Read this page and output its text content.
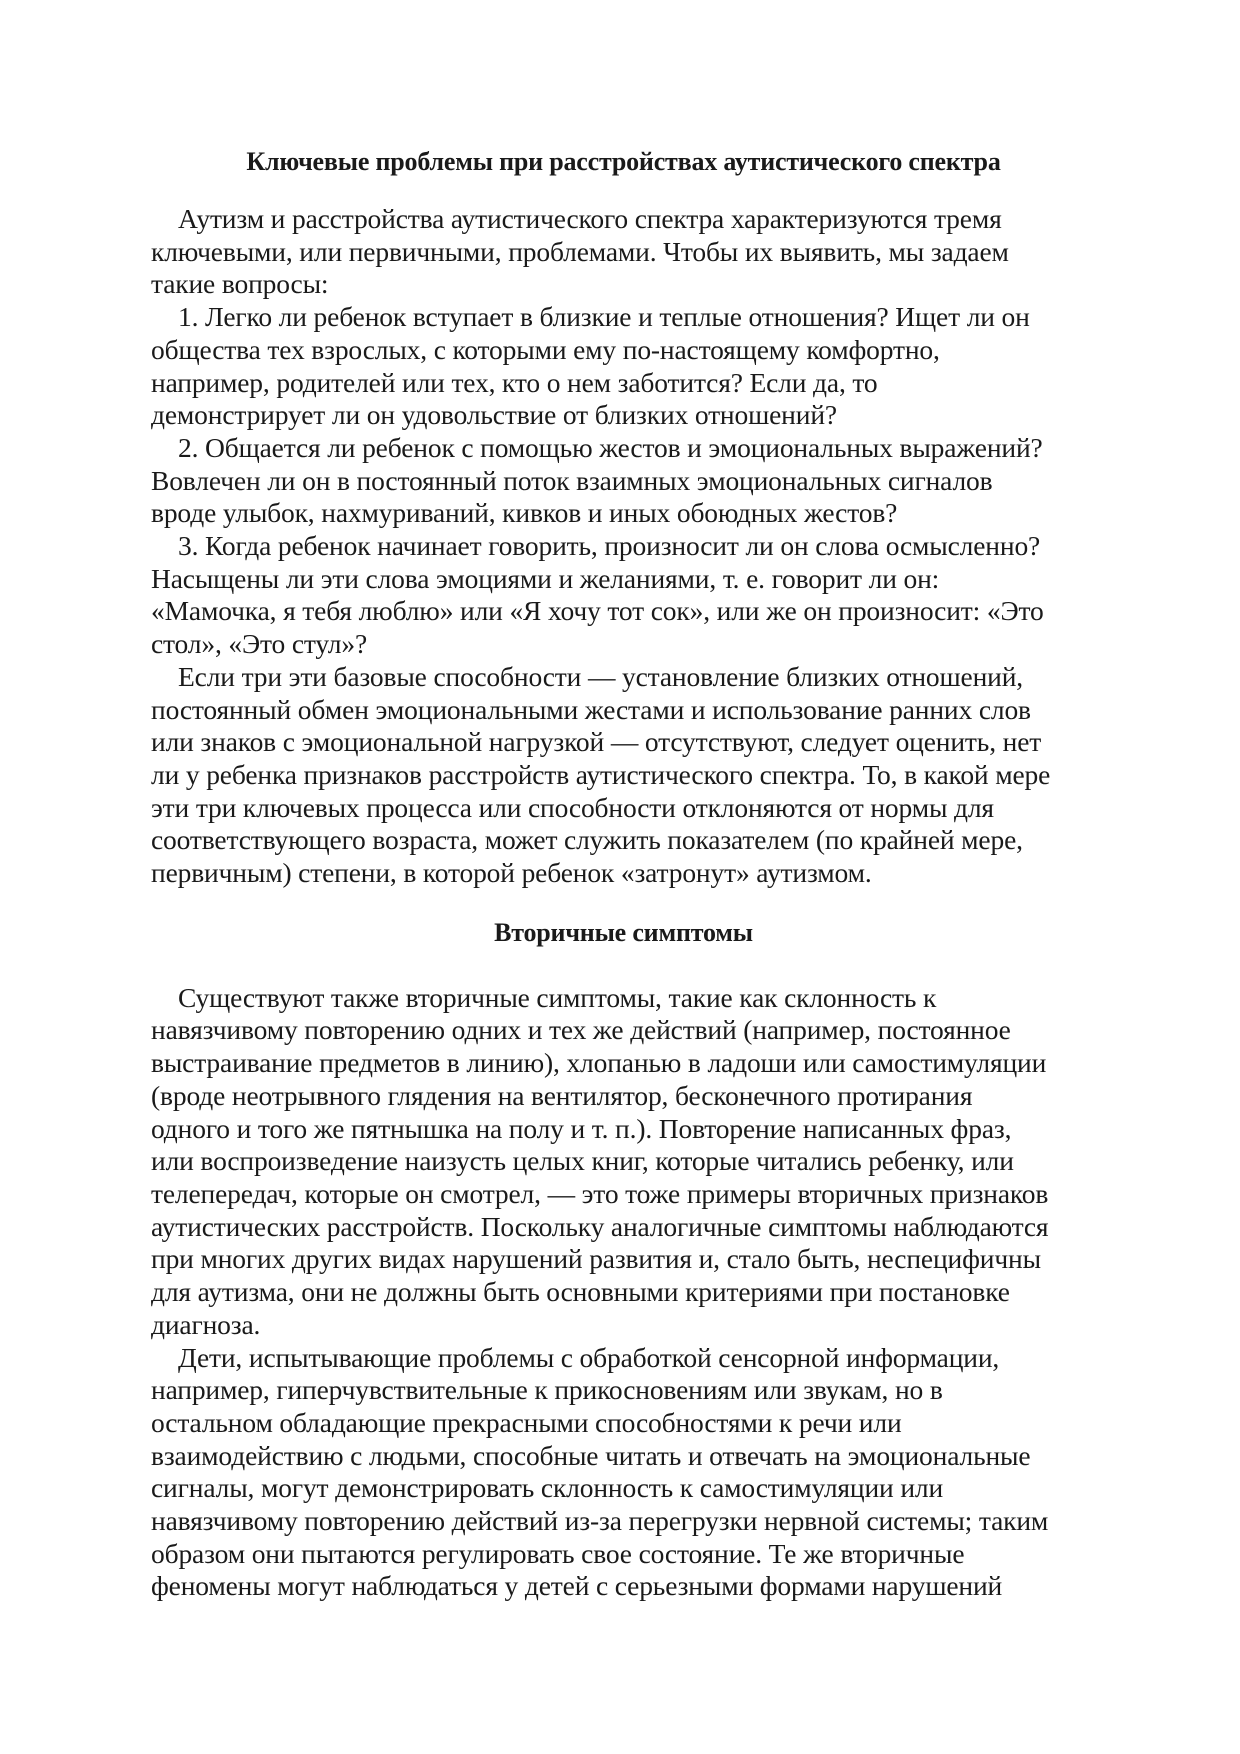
Ключевые проблемы при расстройствах аутистического спектра
Аутизм и расстройства аутистического спектра характеризуются тремя
ключевыми, или первичными, проблемами. Чтобы их выявить, мы задаем
такие вопросы:
1. Легко ли ребенок вступает в близкие и теплые отношения? Ищет ли он
общества тех взрослых, с которыми ему по-настоящему комфортно,
например, родителей или тех, кто о нем заботится? Если да, то
демонстрирует ли он удовольствие от близких отношений?
2. Общается ли ребенок с помощью жестов и эмоциональных выражений?
Вовлечен ли он в постоянный поток взаимных эмоциональных сигналов
вроде улыбок, нахмуриваний, кивков и иных обоюдных жестов?
3. Когда ребенок начинает говорить, произносит ли он слова осмысленно?
Насыщены ли эти слова эмоциями и желаниями, т. е. говорит ли он:
«Мамочка, я тебя люблю» или «Я хочу тот сок», или же он произносит: «Это
стол», «Это стул»?
Если три эти базовые способности — установление близких отношений,
постоянный обмен эмоциональными жестами и использование ранних слов
или знаков с эмоциональной нагрузкой — отсутствуют, следует оценить, нет
ли у ребенка признаков расстройств аутистического спектра. То, в какой мере
эти три ключевых процесса или способности отклоняются от нормы для
соответствующего возраста, может служить показателем (по крайней мере,
первичным) степени, в которой ребенок «затронут» аутизмом.
Вторичные симптомы
Существуют также вторичные симптомы, такие как склонность к
навязчивому повторению одних и тех же действий (например, постоянное
выстраивание предметов в линию), хлопанью в ладоши или самостимуляции
(вроде неотрывного глядения на вентилятор, бесконечного протирания
одного и того же пятнышка на полу и т. п.). Повторение написанных фраз,
или воспроизведение наизусть целых книг, которые читались ребенку, или
телепередач, которые он смотрел, — это тоже примеры вторичных признаков
аутистических расстройств. Поскольку аналогичные симптомы наблюдаются
при многих других видах нарушений развития и, стало быть, неспецифичны
для аутизма, они не должны быть основными критериями при постановке
диагноза.
Дети, испытывающие проблемы с обработкой сенсорной информации,
например, гиперчувствительные к прикосновениям или звукам, но в
остальном обладающие прекрасными способностями к речи или
взаимодействию с людьми, способные читать и отвечать на эмоциональные
сигналы, могут демонстрировать склонность к самостимуляции или
навязчивому повторению действий из-за перегрузки нервной системы; таким
образом они пытаются регулировать свое состояние. Те же вторичные
феномены могут наблюдаться у детей с серьезными формами нарушений
